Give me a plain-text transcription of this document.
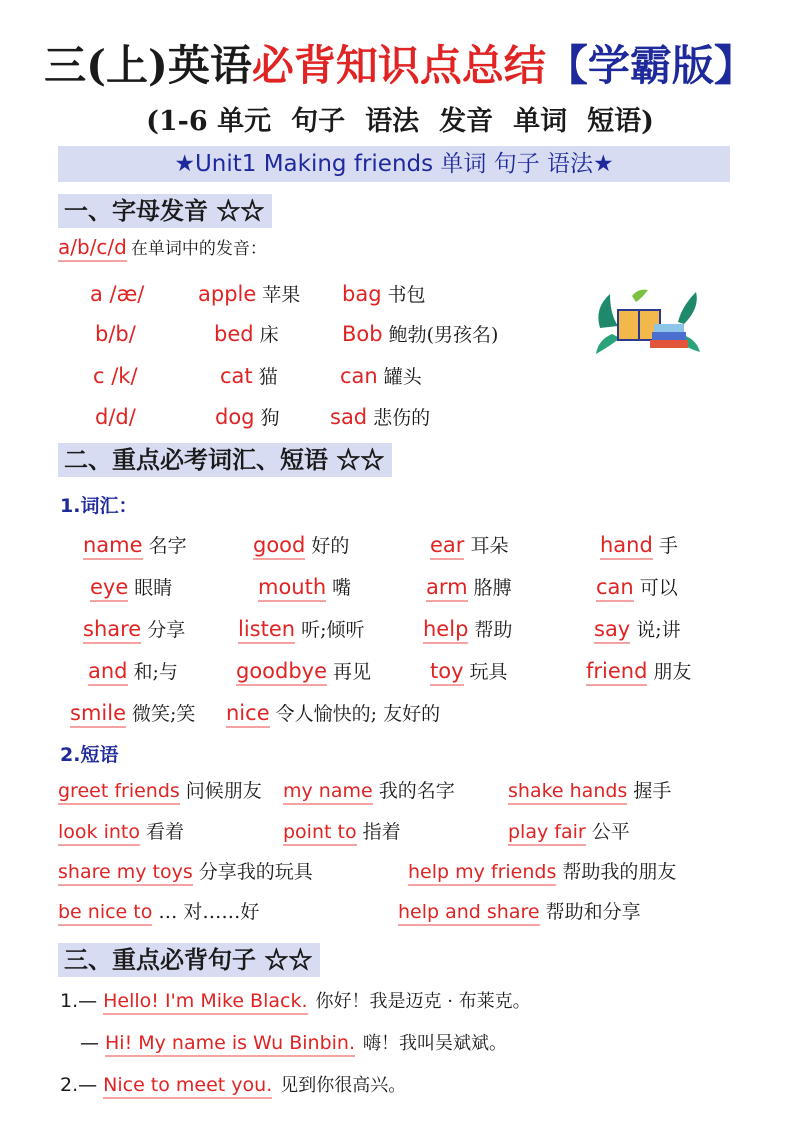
三(上)英语必背知识点总结【学霸版】
(1-6 单元 句子 语法 发音 单词 短语)
★Unit1 Making friends 单词 句子 语法★
一、字母发音 ☆☆
a/b/c/d 在单词中的发音：
a /æ/	apple 苹果 bag 书包
b/b/	bed 床	Bob 鲍勃(男孩名)
c /k/	cat 猫	can 罐头
d/d/	dog 狗 sad 悲伤的
二、重点必考词汇、短语 ☆☆
1.词汇：
name 名字	good 好的	ear 耳朵	hand 手
eye 眼睛	mouth 嘴	arm 胳膊	can 可以
share 分享	listen 听;倾听	help 帮助	say 说;讲
and 和;与	goodbye 再见	toy 玩具	friend 朋友
smile 微笑;笑 nice 令人愉快的; 友好的
2.短语
greet friends 问候朋友 my name 我的名字	shake hands 握手
look into 看着	point to 指着	play fair 公平
share my toys 分享我的玩具	help my friends 帮助我的朋友
be nice to … 对……好	help and share 帮助和分享
三、重点必背句子 ☆☆
1.— Hello! I'm Mike Black. 你好！我是迈克 · 布莱克。
— Hi! My name is Wu Binbin. 嗨！我叫吴斌斌。
2.— Nice to meet you. 见到你很高兴。
